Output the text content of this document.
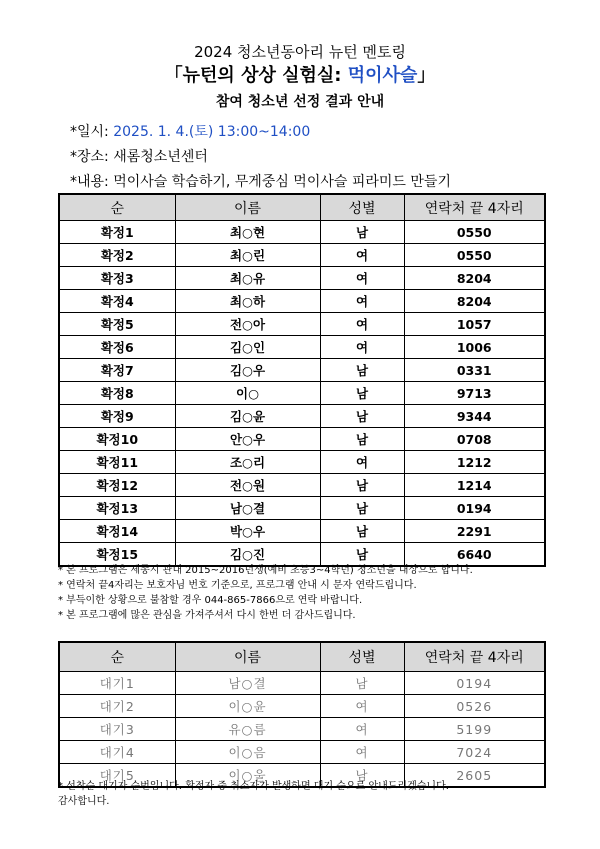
2024 청소년동아리 뉴턴 멘토링
「뉴턴의 상상 실험실: 먹이사슬」
참여 청소년 선정 결과 안내
*일시: 2025. 1. 4.(토) 13:00~14:00
*장소: 새롬청소년센터
*내용: 먹이사슬 학습하기, 무게중심 먹이사슬 피라미드 만들기
순	이름	성별	연락처 끝 4자리
확정1	최○현	남	0550
확정2	최○린	여	0550
확정3	최○유	여	8204
확정4	최○하	여	8204
확정5	전○아	여	1057
확정6	김○인	여	1006
확정7	김○우	남	0331
확정8	이○	남	9713
확정9	김○윤	남	9344
확정10	안○우	남	0708
확정11	조○리	여	1212
확정12	전○원	남	1214
확정13	남○결	남	0194
확정14	박○우	남	2291
확정15	김○진	남	6640
* 본 프로그램은 세종시 관내 2015~2016년생(예비 초등3~4학년) 청소년을 대상으로 합니다.
* 연락처 끝4자리는 보호자님 번호 기준으로, 프로그램 안내 시 문자 연락드립니다.
* 부득이한 상황으로 불참할 경우 044-865-7866으로 연락 바랍니다.
* 본 프로그램에 많은 관심을 가져주셔서 다시 한번 더 감사드립니다.
순	이름	성별	연락처 끝 4자리
대기1	남○결	남	0194
대기2	이○윤	여	0526
대기3	유○름	여	5199
대기4	이○음	여	7024
대기5	이○울	남	2605
* 선착순 대기자 순번입니다. 확정자 중 취소자가 발생하면 대기 순으로 안내드리겠습니다.
감사합니다.
